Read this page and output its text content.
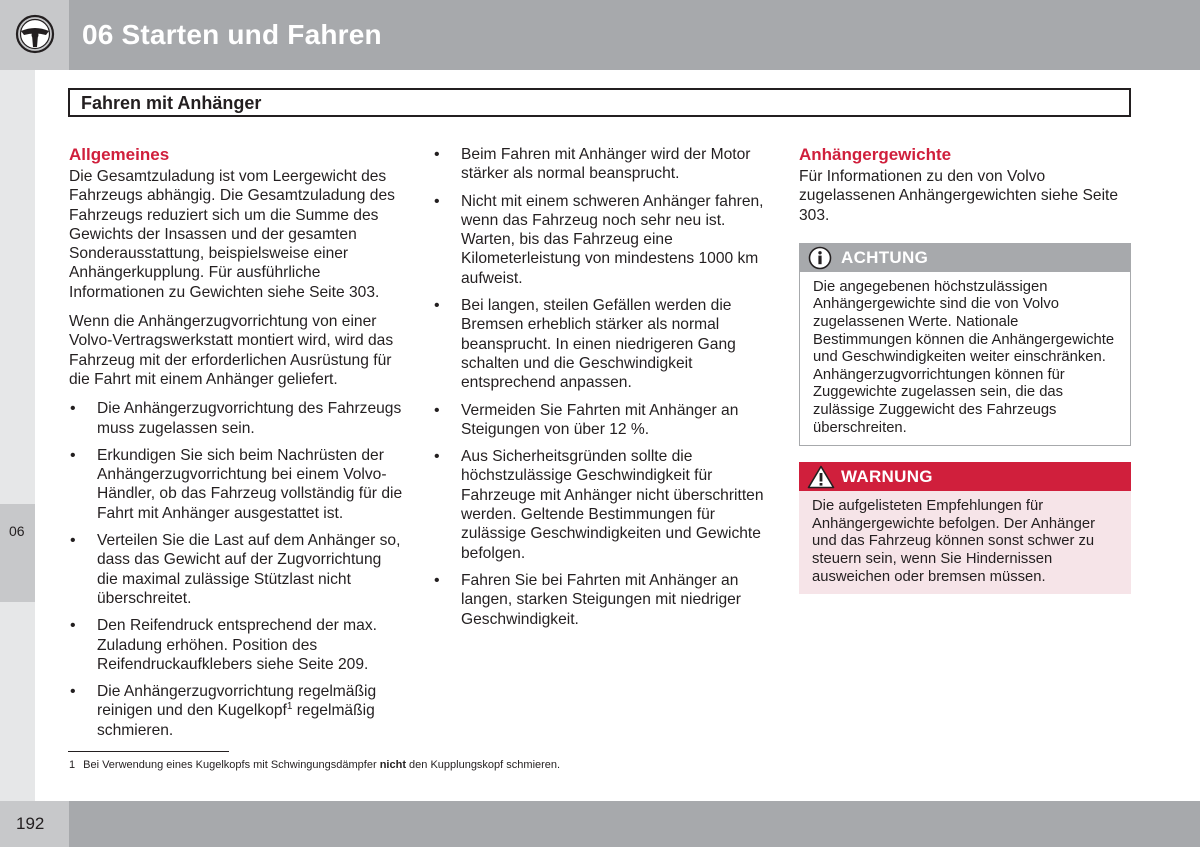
06 Starten und Fahren
06
Fahren mit Anhänger
Allgemeines

Die Gesamtzuladung ist vom Leergewicht des Fahrzeugs abhängig. Die Gesamtzuladung des Fahrzeugs reduziert sich um die Summe des Gewichts der Insassen und der gesamten Sonderausstattung, beispielsweise einer Anhängerkupplung. Für ausführliche Informationen zu Gewichten siehe Seite 303.

Wenn die Anhängerzugvorrichtung von einer Volvo-Vertragswerkstatt montiert wird, wird das Fahrzeug mit der erforderlichen Ausrüstung für die Fahrt mit einem Anhänger geliefert.

• Die Anhängerzugvorrichtung des Fahrzeugs muss zugelassen sein.
• Erkundigen Sie sich beim Nachrüsten der Anhängerzugvorrichtung bei einem Volvo-Händler, ob das Fahrzeug vollständig für die Fahrt mit Anhänger ausgestattet ist.
• Verteilen Sie die Last auf dem Anhänger so, dass das Gewicht auf der Zugvorrichtung die maximal zulässige Stützlast nicht überschreitet.
• Den Reifendruck entsprechend der max. Zuladung erhöhen. Position des Reifendruckaufklebers siehe Seite 209.
• Die Anhängerzugvorrichtung regelmäßig reinigen und den Kugelkopf$^1$ regelmäßig schmieren.
• Beim Fahren mit Anhänger wird der Motor stärker als normal beansprucht.
• Nicht mit einem schweren Anhänger fahren, wenn das Fahrzeug noch sehr neu ist. Warten, bis das Fahrzeug eine Kilometerleistung von mindestens 1000 km aufweist.
• Bei langen, steilen Gefällen werden die Bremsen erheblich stärker als normal beansprucht. In einen niedrigeren Gang schalten und die Geschwindigkeit entsprechend anpassen.
• Vermeiden Sie Fahrten mit Anhänger an Steigungen von über 12 %.
• Aus Sicherheitsgründen sollte die höchstzulässige Geschwindigkeit für Fahrzeuge mit Anhänger nicht überschritten werden. Geltende Bestimmungen für zulässige Geschwindigkeiten und Gewichte befolgen.
• Fahren Sie bei Fahrten mit Anhänger an langen, starken Steigungen mit niedriger Geschwindigkeit.
Anhängergewichte

Für Informationen zu den von Volvo zugelassenen Anhängergewichten siehe Seite 303.

ACHTUNG
Die angegebenen höchstzulässigen Anhängergewichte sind die von Volvo zugelassenen Werte. Nationale Bestimmungen können die Anhängergewichte und Geschwindigkeiten weiter einschränken. Anhängerzugvorrichtungen können für Zuggewichte zugelassen sein, die das zulässige Zuggewicht des Fahrzeugs überschreiten.
WARNUNG
Die aufgelisteten Empfehlungen für Anhängergewichte befolgen. Der Anhänger und das Fahrzeug können sonst schwer zu steuern sein, wenn Sie Hindernissen ausweichen oder bremsen müssen.
1 Bei Verwendung eines Kugelkopfs mit Schwingungsdämpfer nicht den Kupplungskopf schmieren.
192
